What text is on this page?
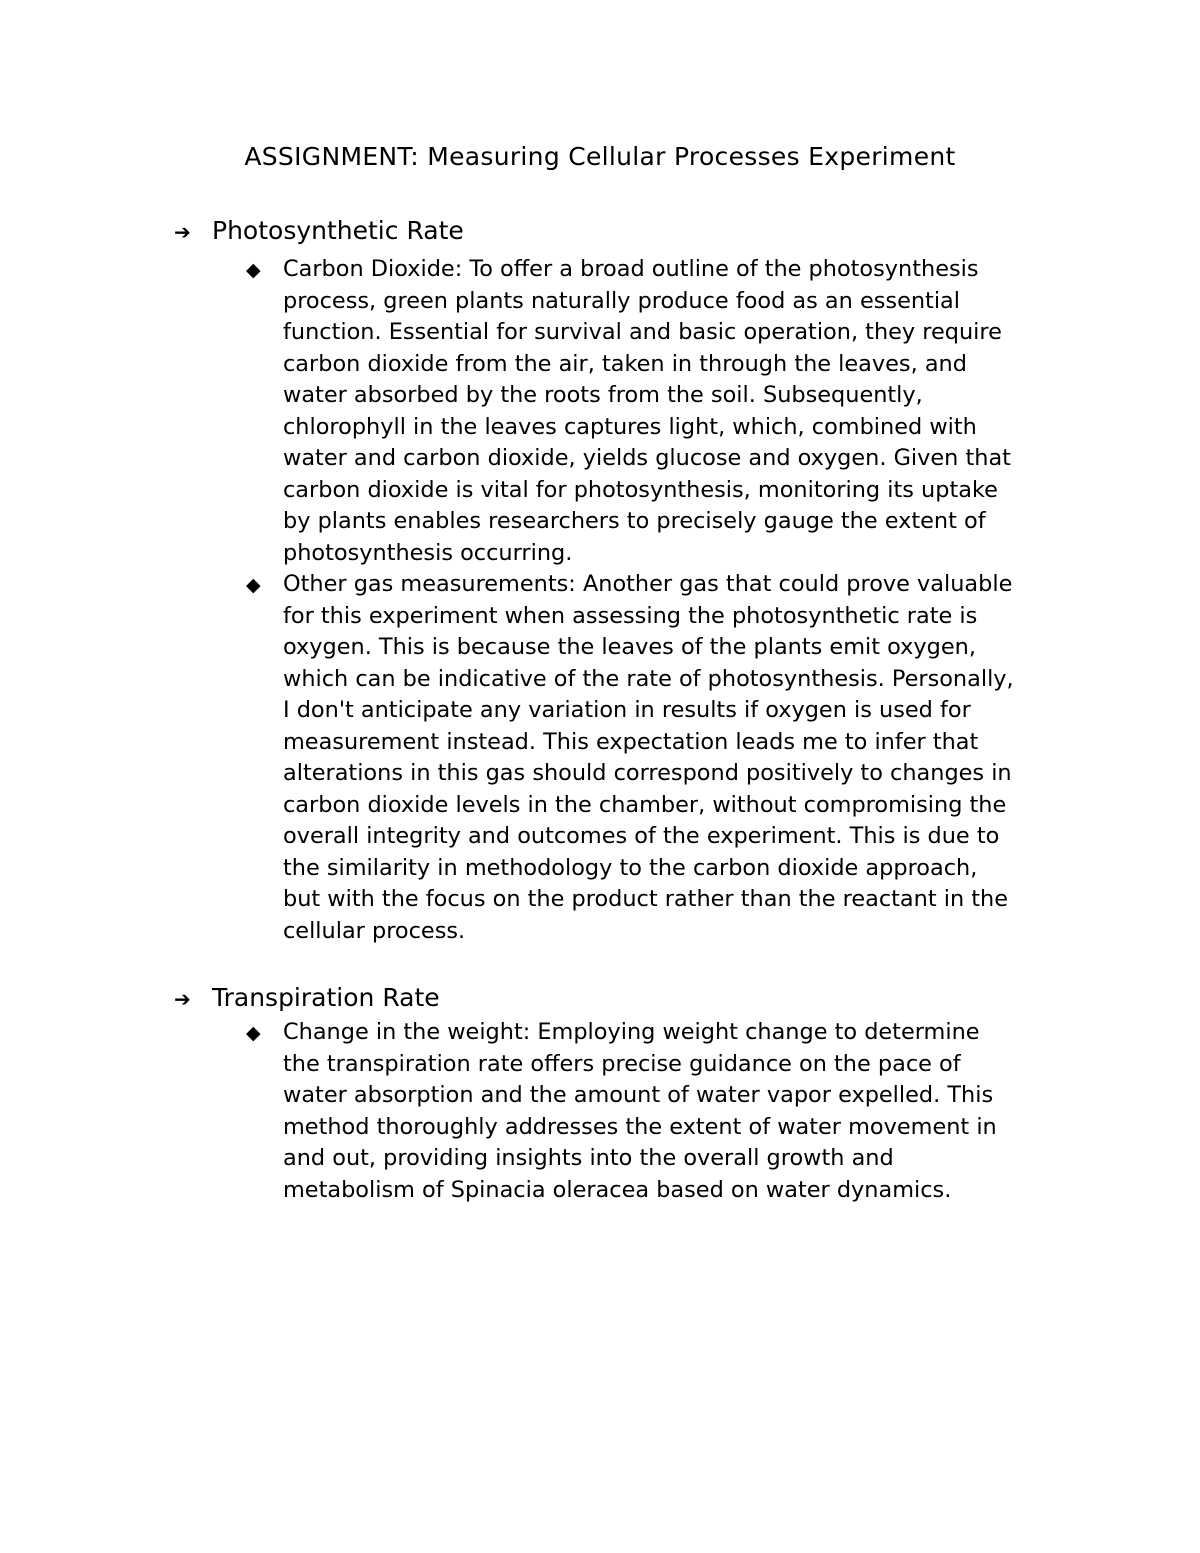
ASSIGNMENT: Measuring Cellular Processes Experiment
➔ Photosynthetic Rate
◆ Carbon Dioxide: To offer a broad outline of the photosynthesis
process, green plants naturally produce food as an essential
function. Essential for survival and basic operation, they require
carbon dioxide from the air, taken in through the leaves, and
water absorbed by the roots from the soil. Subsequently,
chlorophyll in the leaves captures light, which, combined with
water and carbon dioxide, yields glucose and oxygen. Given that
carbon dioxide is vital for photosynthesis, monitoring its uptake
by plants enables researchers to precisely gauge the extent of
photosynthesis occurring.
◆ Other gas measurements: Another gas that could prove valuable
for this experiment when assessing the photosynthetic rate is
oxygen. This is because the leaves of the plants emit oxygen,
which can be indicative of the rate of photosynthesis. Personally,
I don't anticipate any variation in results if oxygen is used for
measurement instead. This expectation leads me to infer that
alterations in this gas should correspond positively to changes in
carbon dioxide levels in the chamber, without compromising the
overall integrity and outcomes of the experiment. This is due to
the similarity in methodology to the carbon dioxide approach,
but with the focus on the product rather than the reactant in the
cellular process.
➔ Transpiration Rate
◆ Change in the weight: Employing weight change to determine
the transpiration rate offers precise guidance on the pace of
water absorption and the amount of water vapor expelled. This
method thoroughly addresses the extent of water movement in
and out, providing insights into the overall growth and
metabolism of Spinacia oleracea based on water dynamics.
